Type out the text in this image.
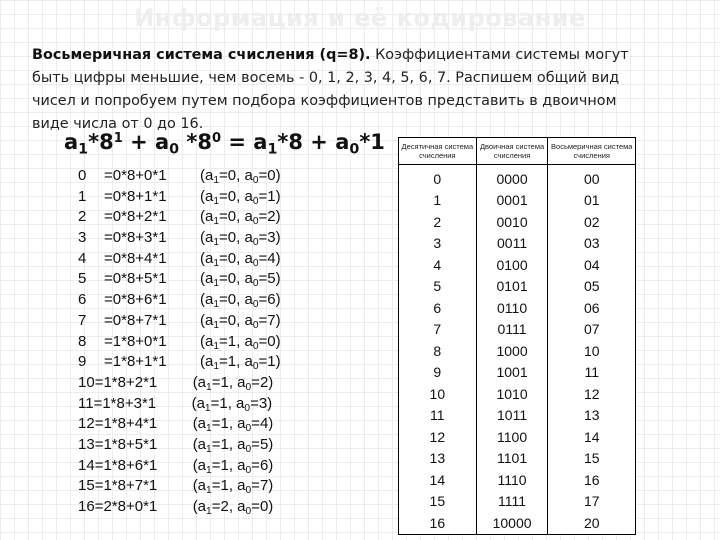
Информация и её кодирование
Восьмеричная система счисления (q=8). Коэффициентами системы могут быть цифры меньшие, чем восемь - 0, 1, 2, 3, 4, 5, 6, 7. Распишем общий вид чисел и попробуем путем подбора коэффициентов представить в двоичном виде числа от 0 до 16.
$a_1*8^1 + a_0$ $*8^0 = a_1*8 + a_0*1$
0 =0*8+0*1 ($a_1=0$, $a_0=0$)
1 =0*8+1*1 ($a_1=0$, $a_0=1$)
2 =0*8+2*1 ($a_1=0$, $a_0=2$)
3 =0*8+3*1 ($a_1=0$, $a_0=3$)
4 =0*8+4*1 ($a_1=0$, $a_0=4$)
5 =0*8+5*1 ($a_1=0$, $a_0=5$)
6 =0*8+6*1 ($a_1=0$, $a_0=6$)
7 =0*8+7*1 ($a_1=0$, $a_0=7$)
8 =1*8+0*1 ($a_1=1$, $a_0=0$)
9 =1*8+1*1 ($a_1=1$, $a_0=1$)
10=1*8+2*1 ($a_1=1$, $a_0=2$)
11=1*8+3*1 ($a_1=1$, $a_0=3$)
12=1*8+4*1 ($a_1=1$, $a_0=4$)
13=1*8+5*1 ($a_1=1$, $a_0=5$)
14=1*8+6*1 ($a_1=1$, $a_0=6$)
15=1*8+7*1 ($a_1=1$, $a_0=7$)
16=2*8+0*1 ($a_1=2$, $a_0=0$)
Десятичная система счисления	Двоичная система счисления	Восьмеричная система счисления
0	0000	00
1	0001	01
2	0010	02
3	0011	03
4	0100	04
5	0101	05
6	0110	06
7	0111	07
8	1000	10
9	1001	11
10	1010	12
11	1011	13
12	1100	14
13	1101	15
14	1110	16
15	1111	17
16	10000	20
